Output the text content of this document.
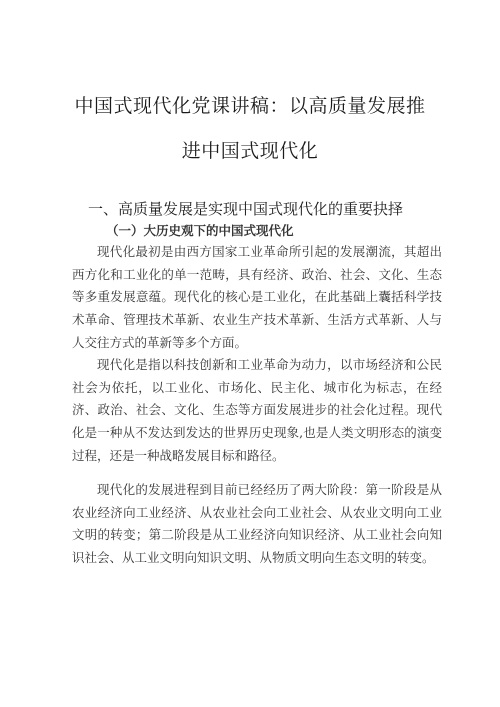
中国式现代化党课讲稿：以高质量发展推
进中国式现代化
一、高质量发展是实现中国式现代化的重要抉择
（一）大历史观下的中国式现代化

现代化最初是由西方国家工业革命所引起的发展潮流，其超出西方化和工业化的单一范畴，具有经济、政治、社会、文化、生态等多重发展意蕴。现代化的核心是工业化，在此基础上囊括科学技术革命、管理技术革新、农业生产技术革新、生活方式革新、人与人交往方式的革新等多个方面。

现代化是指以科技创新和工业革命为动力，以市场经济和公民社会为依托，以工业化、市场化、民主化、城市化为标志，在经济、政治、社会、文化、生态等方面发展进步的社会化过程。现代化是一种从不发达到发达的世界历史现象,也是人类文明形态的演变过程，还是一种战略发展目标和路径。

现代化的发展进程到目前已经经历了两大阶段：第一阶段是从农业经济向工业经济、从农业社会向工业社会、从农业文明向工业文明的转变；第二阶段是从工业经济向知识经济、从工业社会向知识社会、从工业文明向知识文明、从物质文明向生态文明的转变。
